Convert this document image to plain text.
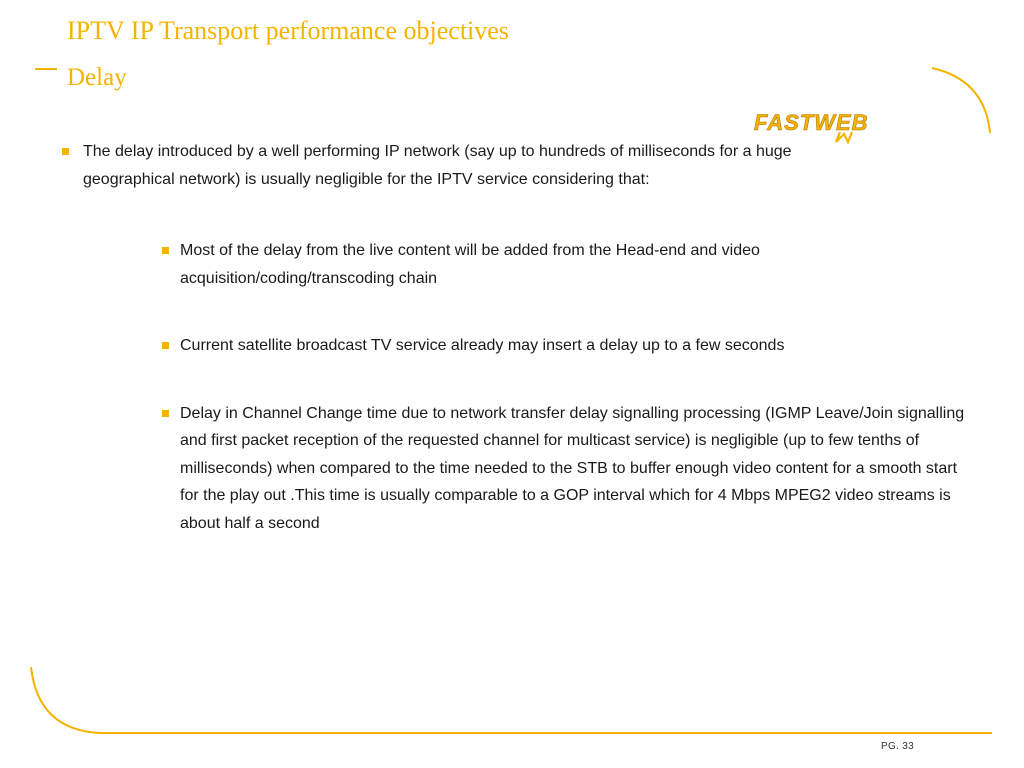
IPTV IP Transport performance objectives
Delay
FASTWEB
The delay introduced by a well performing IP network (say up to hundreds of milliseconds for a huge geographical network) is usually negligible for the IPTV service considering that:
Most of the delay from the live content will be added from the Head-end and video acquisition/coding/transcoding chain
Current satellite broadcast TV service already may insert a delay up to a few seconds
Delay in Channel Change time due to network transfer delay signalling processing (IGMP Leave/Join signalling and first packet reception of the requested channel for multicast service) is negligible (up to few tenths of milliseconds) when compared to the time needed to the STB to buffer enough video content for a smooth start for the play out .This time is usually comparable to a GOP interval which for 4 Mbps MPEG2 video streams is about half a second
PG. 33
